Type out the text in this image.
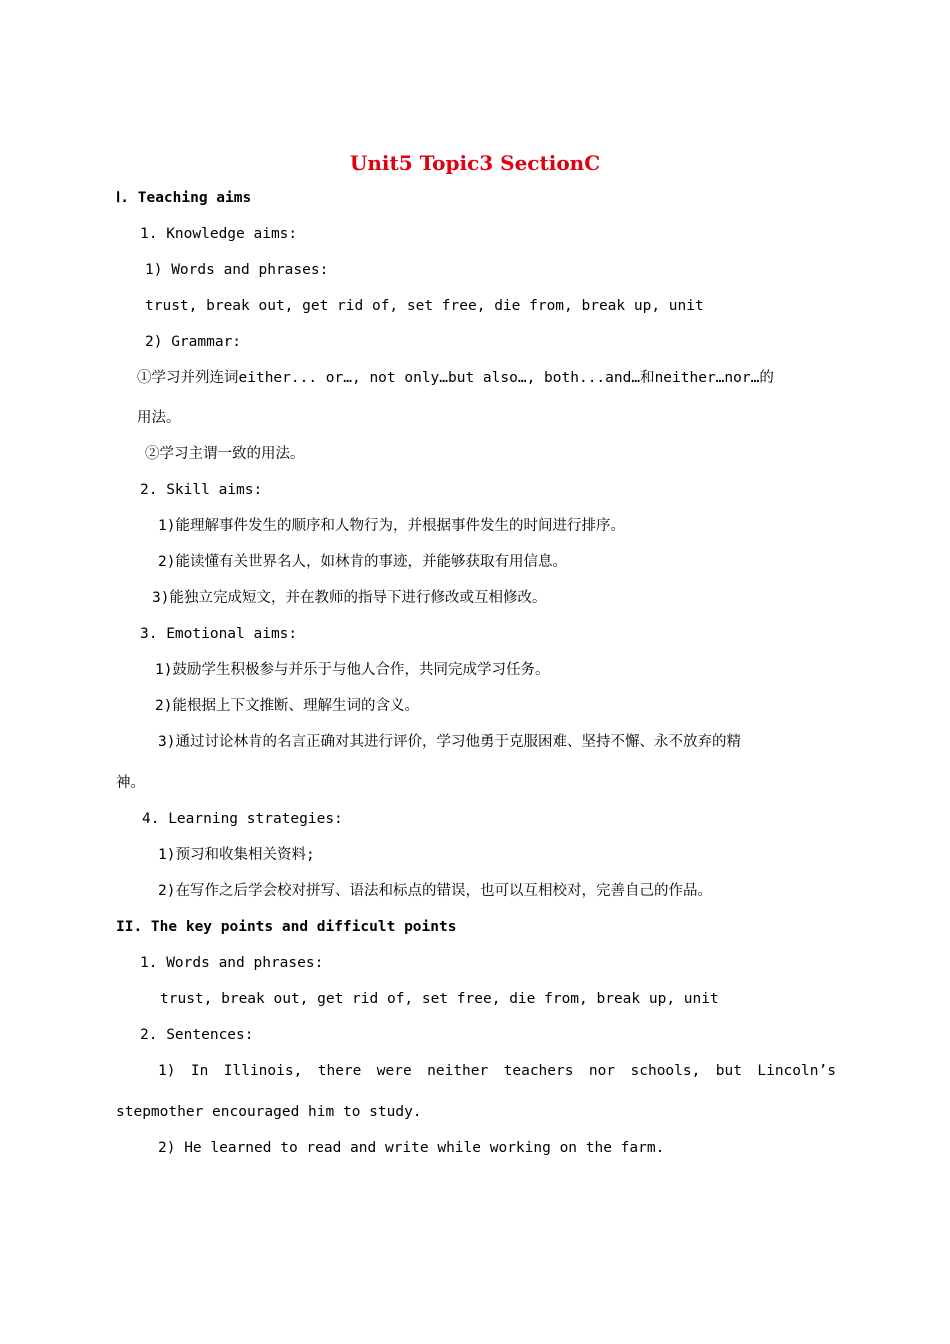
Unit5 Topic3 SectionC
Ⅰ. Teaching aims
1. Knowledge aims:
1) Words and phrases:
trust, break out, get rid of, set free, die from, break up, unit
2) Grammar:
①学习并列连词either... or…, not only…but also…, both...and…和neither…nor…的
用法。
②学习主谓一致的用法。
2. Skill aims:
1)能理解事件发生的顺序和人物行为，并根据事件发生的时间进行排序。
2)能读懂有关世界名人，如林肯的事迹，并能够获取有用信息。
3)能独立完成短文，并在教师的指导下进行修改或互相修改。
3. Emotional aims:
1)鼓励学生积极参与并乐于与他人合作，共同完成学习任务。
2)能根据上下文推断、理解生词的含义。
3)通过讨论林肯的名言正确对其进行评价，学习他勇于克服困难、坚持不懈、永不放弃的精
神。
4. Learning strategies:
1)预习和收集相关资料;
2)在写作之后学会校对拼写、语法和标点的错误，也可以互相校对，完善自己的作品。
II. The key points and difficult points
1. Words and phrases:
trust, break out, get rid of, set free, die from, break up, unit
2. Sentences:
1) In Illinois, there were neither teachers nor schools, but Lincoln’s
stepmother encouraged him to study.
2) He learned to read and write while working on the farm.
